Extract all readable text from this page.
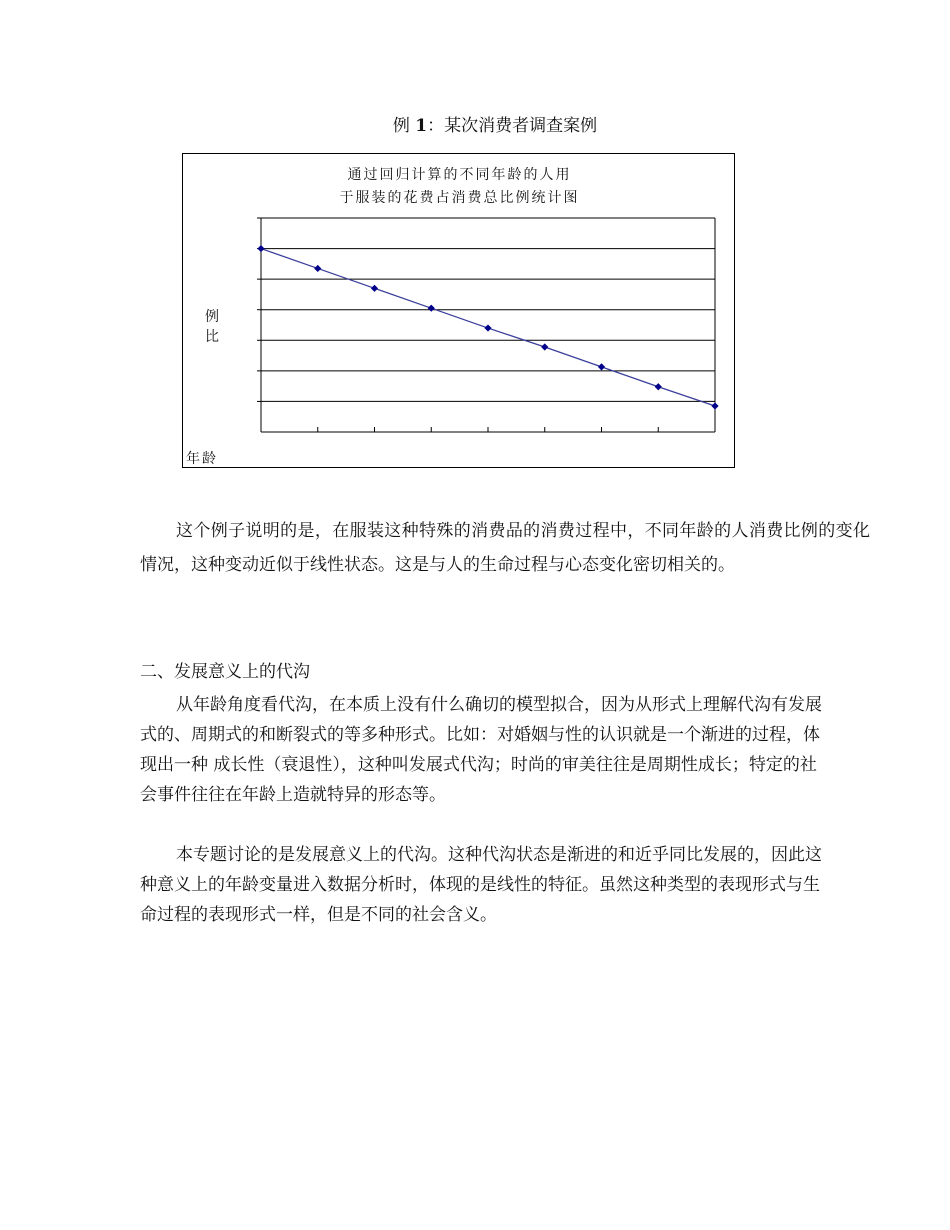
例 1：某次消费者调查案例
通过回归计算的不同年龄的人用
于服装的花费占消费总比例统计图
例
比
年龄

这个例子说明的是，在服装这种特殊的消费品的消费过程中，不同年龄的人消费比例的变化情况，这种变动近似于线性状态。这是与人的生命过程与心态变化密切相关的。

二、发展意义上的代沟

从年龄角度看代沟，在本质上没有什么确切的模型拟合，因为从形式上理解代沟有发展式的、周期式的和断裂式的等多种形式。比如：对婚姻与性的认识就是一个渐进的过程，体现出一种 成长性（衰退性），这种叫发展式代沟；时尚的审美往往是周期性成长；特定的社会事件往往在年龄上造就特异的形态等。

本专题讨论的是发展意义上的代沟。这种代沟状态是渐进的和近乎同比发展的，因此这种意义上的年龄变量进入数据分析时，体现的是线性的特征。虽然这种类型的表现形式与生命过程的表现形式一样，但是不同的社会含义。
